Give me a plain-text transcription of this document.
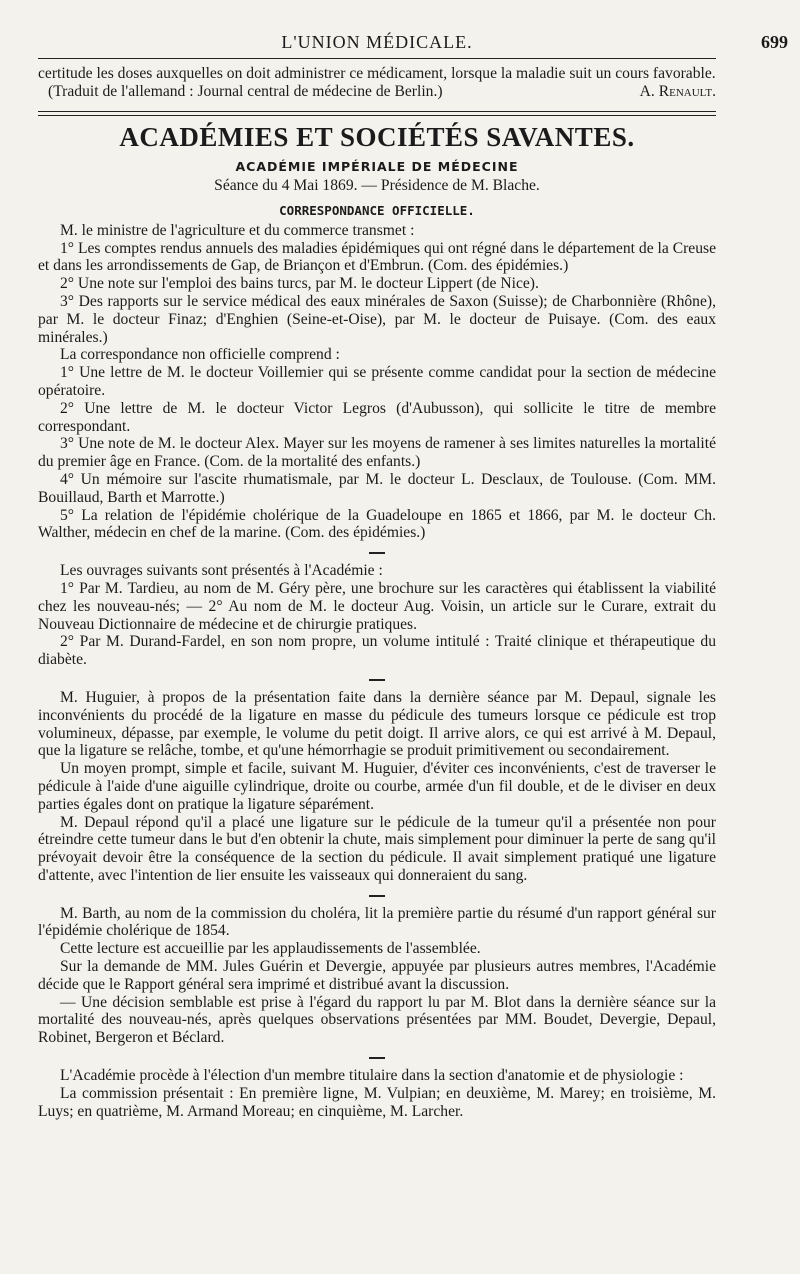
L'UNION MÉDICALE.	699

certitude les doses auxquelles on doit administrer ce médicament, lorsque la maladie suit un cours favorable.

(Traduit de l'allemand : Journal central de médecine de Berlin.)	A. Renault.
ACADÉMIES ET SOCIÉTÉS SAVANTES.
ACADÉMIE IMPÉRIALE DE MÉDECINE
Séance du 4 Mai 1869. — Présidence de M. Blache.
CORRESPONDANCE OFFICIELLE.

M. le ministre de l'agriculture et du commerce transmet :

1° Les comptes rendus annuels des maladies épidémiques qui ont régné dans le département de la Creuse et dans les arrondissements de Gap, de Briançon et d'Embrun. (Com. des épidémies.)

2° Une note sur l'emploi des bains turcs, par M. le docteur Lippert (de Nice).

3° Des rapports sur le service médical des eaux minérales de Saxon (Suisse); de Charbonnière (Rhône), par M. le docteur Finaz; d'Enghien (Seine-et-Oise), par M. le docteur de Puisaye. (Com. des eaux minérales.)

La correspondance non officielle comprend :

1° Une lettre de M. le docteur Voillemier qui se présente comme candidat pour la section de médecine opératoire.

2° Une lettre de M. le docteur Victor Legros (d'Aubusson), qui sollicite le titre de membre correspondant.

3° Une note de M. le docteur Alex. Mayer sur les moyens de ramener à ses limites naturelles la mortalité du premier âge en France. (Com. de la mortalité des enfants.)

4° Un mémoire sur l'ascite rhumatismale, par M. le docteur L. Desclaux, de Toulouse. (Com. MM. Bouillaud, Barth et Marrotte.)

5° La relation de l'épidémie cholérique de la Guadeloupe en 1865 et 1866, par M. le docteur Ch. Walther, médecin en chef de la marine. (Com. des épidémies.)

Les ouvrages suivants sont présentés à l'Académie :

1° Par M. Tardieu, au nom de M. Géry père, une brochure sur les caractères qui établissent la viabilité chez les nouveau-nés; — 2° Au nom de M. le docteur Aug. Voisin, un article sur le Curare, extrait du Nouveau Dictionnaire de médecine et de chirurgie pratiques.

2° Par M. Durand-Fardel, en son nom propre, un volume intitulé : Traité clinique et thérapeutique du diabète.

M. Huguier, à propos de la présentation faite dans la dernière séance par M. Depaul, signale les inconvénients du procédé de la ligature en masse du pédicule des tumeurs lorsque ce pédicule est trop volumineux, dépasse, par exemple, le volume du petit doigt. Il arrive alors, ce qui est arrivé à M. Depaul, que la ligature se relâche, tombe, et qu'une hémorrhagie se produit primitivement ou secondairement.

Un moyen prompt, simple et facile, suivant M. Huguier, d'éviter ces inconvénients, c'est de traverser le pédicule à l'aide d'une aiguille cylindrique, droite ou courbe, armée d'un fil double, et de le diviser en deux parties égales dont on pratique la ligature séparément.

M. Depaul répond qu'il a placé une ligature sur le pédicule de la tumeur qu'il a présentée non pour étreindre cette tumeur dans le but d'en obtenir la chute, mais simplement pour diminuer la perte de sang qu'il prévoyait devoir être la conséquence de la section du pédicule. Il avait simplement pratiqué une ligature d'attente, avec l'intention de lier ensuite les vaisseaux qui donneraient du sang.

M. Barth, au nom de la commission du choléra, lit la première partie du résumé d'un rapport général sur l'épidémie cholérique de 1854.

Cette lecture est accueillie par les applaudissements de l'assemblée.

Sur la demande de MM. Jules Guérin et Devergie, appuyée par plusieurs autres membres, l'Académie décide que le Rapport général sera imprimé et distribué avant la discussion.

— Une décision semblable est prise à l'égard du rapport lu par M. Blot dans la dernière séance sur la mortalité des nouveau-nés, après quelques observations présentées par MM. Boudet, Devergie, Depaul, Robinet, Bergeron et Béclard.

L'Académie procède à l'élection d'un membre titulaire dans la section d'anatomie et de physiologie :

La commission présentait : En première ligne, M. Vulpian; en deuxième, M. Marey; en troisième, M. Luys; en quatrième, M. Armand Moreau; en cinquième, M. Larcher.
